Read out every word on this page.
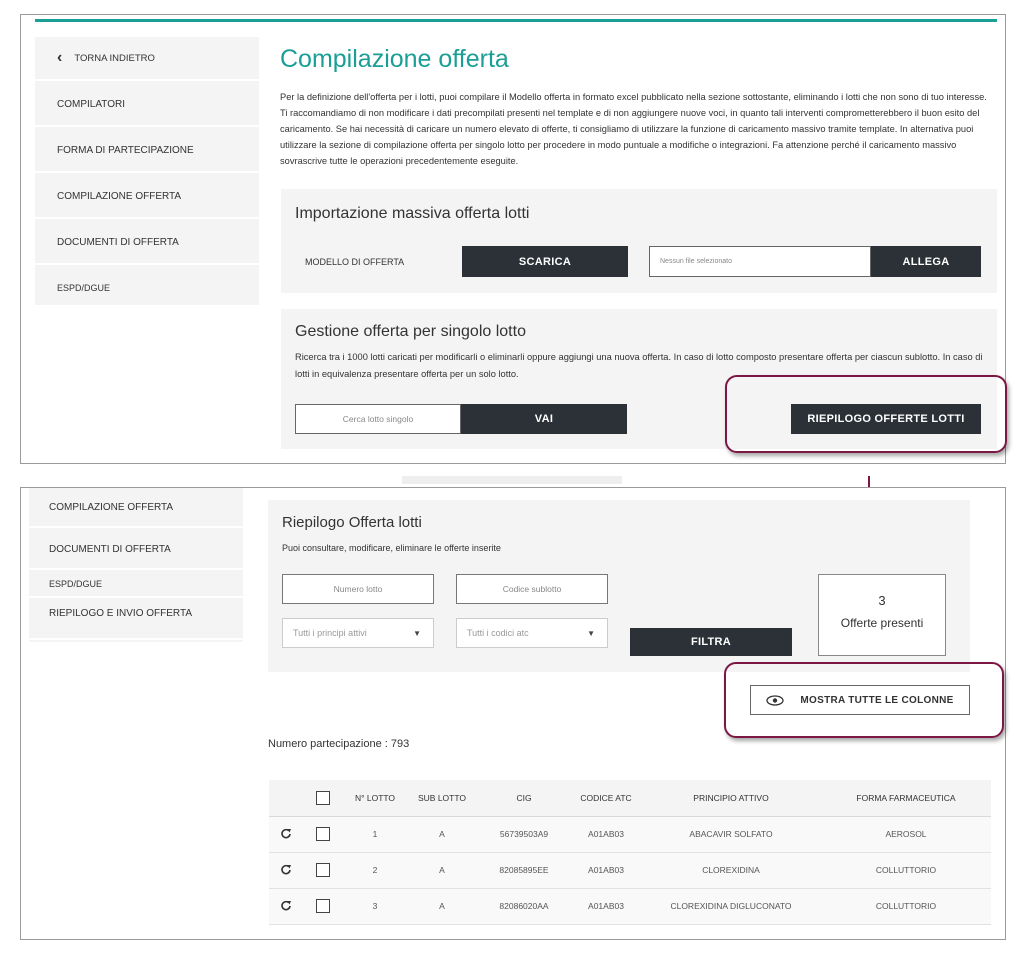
‹ TORNA INDIETRO
COMPILATORI
FORMA DI PARTECIPAZIONE
COMPILAZIONE OFFERTA
DOCUMENTI DI OFFERTA
ESPD/DGUE
Compilazione offerta

Per la definizione dell'offerta per i lotti, puoi compilare il Modello offerta in formato excel pubblicato nella sezione sottostante, eliminando i lotti che non sono di tuo interesse. Ti raccomandiamo di non modificare i dati precompilati presenti nel template e di non aggiungere nuove voci, in quanto tali interventi comprometterebbero il buon esito del caricamento. Se hai necessità di caricare un numero elevato di offerte, ti consigliamo di utilizzare la funzione di caricamento massivo tramite template. In alternativa puoi utilizzare la sezione di compilazione offerta per singolo lotto per procedere in modo puntuale a modifiche o integrazioni. Fa attenzione perché il caricamento massivo sovrascrive tutte le operazioni precedentemente eseguite.

Importazione massiva offerta lotti
MODELLO DI OFFERTA	SCARICA	Nessun file selezionato	ALLEGA
Gestione offerta per singolo lotto
Ricerca tra i 1000 lotti caricati per modificarli o eliminarli oppure aggiungi una nuova offerta. In caso di lotto composto presentare offerta per ciascun sublotto. In caso di lotti in equivalenza presentare offerta per un solo lotto.
Cerca lotto singolo	VAI	RIEPILOGO OFFERTE LOTTI
COMPILAZIONE OFFERTA
DOCUMENTI DI OFFERTA
ESPD/DGUE
RIEPILOGO E INVIO OFFERTA
Riepilogo Offerta lotti
Puoi consultare, modificare, eliminare le offerte inserite
Numero lotto	Codice sublotto
Tutti i principi attivi	▼	Tutti i codici atc	▼
FILTRA
3
Offerte presenti
MOSTRA TUTTE LE COLONNE
Numero partecipazione : 793
		N° LOTTO	SUB LOTTO	CIG	CODICE ATC	PRINCIPIO ATTIVO	FORMA FARMACEUTICA
		1	A	56739503A9	A01AB03	ABACAVIR SOLFATO	AEROSOL
		2	A	82085895EE	A01AB03	CLOREXIDINA	COLLUTTORIO
		3	A	82086020AA	A01AB03	CLOREXIDINA DIGLUCONATO	COLLUTTORIO
